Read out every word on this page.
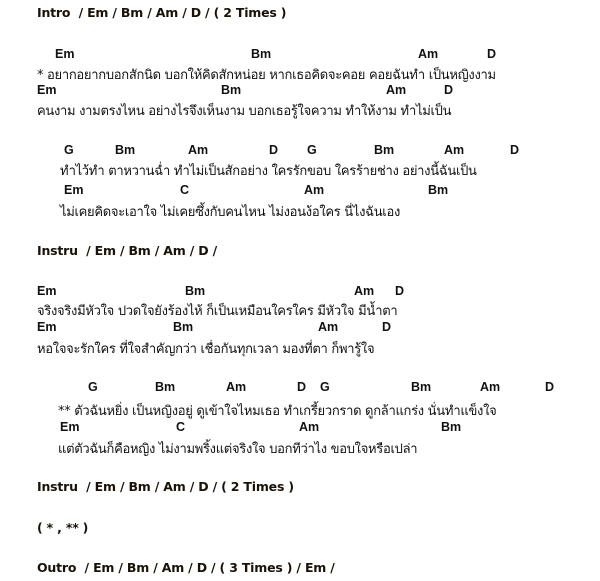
Intro  / Em / Bm / Am / D / ( 2 Times )

Em

	Bm

	Am

	D

* อยากอยากบอกสักนิด บอกให้คิดสักหน่อย หากเธอคิดจะคอย คอยฉันทำ เป็นหญิงงาม

Em

	Bm

	Am

	D

คนงาม งามตรงไหน อย่างไรจึงเห็นงาม บอกเธอรู้ใจความ ทำให้งาม ทำไม่เป็น

G

	Bm

	Am

	D

G

	Bm

	Am

	D

ทำไว้ทำ ตาหวานฉ่ำ ทำไม่เป็นสักอย่าง ใครรักขอบ ใครร้ายช่าง อย่างนี้ฉันเป็น

Em

	C

	Am

	Bm

ไม่เคยคิดจะเอาใจ ไม่เคยซึ้งกับคนไหน ไม่งอนง้อใคร นี่ไงฉันเอง
Instru  / Em / Bm / Am / D /

Em

	Bm

	Am

D

จริงจริงมีหัวใจ ปวดใจยังร้องไห้ ก็เป็นเหมือนใครใคร มีหัวใจ มีน้ำตา

Em

	Bm

	Am

	D

หอใจจะรักใคร ที่ใจสำคัญกว่า เชื่อกันทุกเวลา มองที่ตา ก็พารู้ใจ

G

	Bm

	Am

	D

G

	Bm

	Am

	D

** ตัวฉันหยิ่ง เป็นหญิงอยู่ ดูเข้าใจไหมเธอ ทำเกรี้ยวกราด ดูกล้าแกร่ง นั่นทำแข็งใจ

Em

	C

	Am

	Bm

แต่ตัวฉันก็คือหญิง ไม่งามพริ้งแต่จริงใจ บอกทีว่าไง ขอบใจหรือเปล่า
Instru  / Em / Bm / Am / D / ( 2 Times )
( * , ** )
Outro  / Em / Bm / Am / D / ( 3 Times ) / Em /
